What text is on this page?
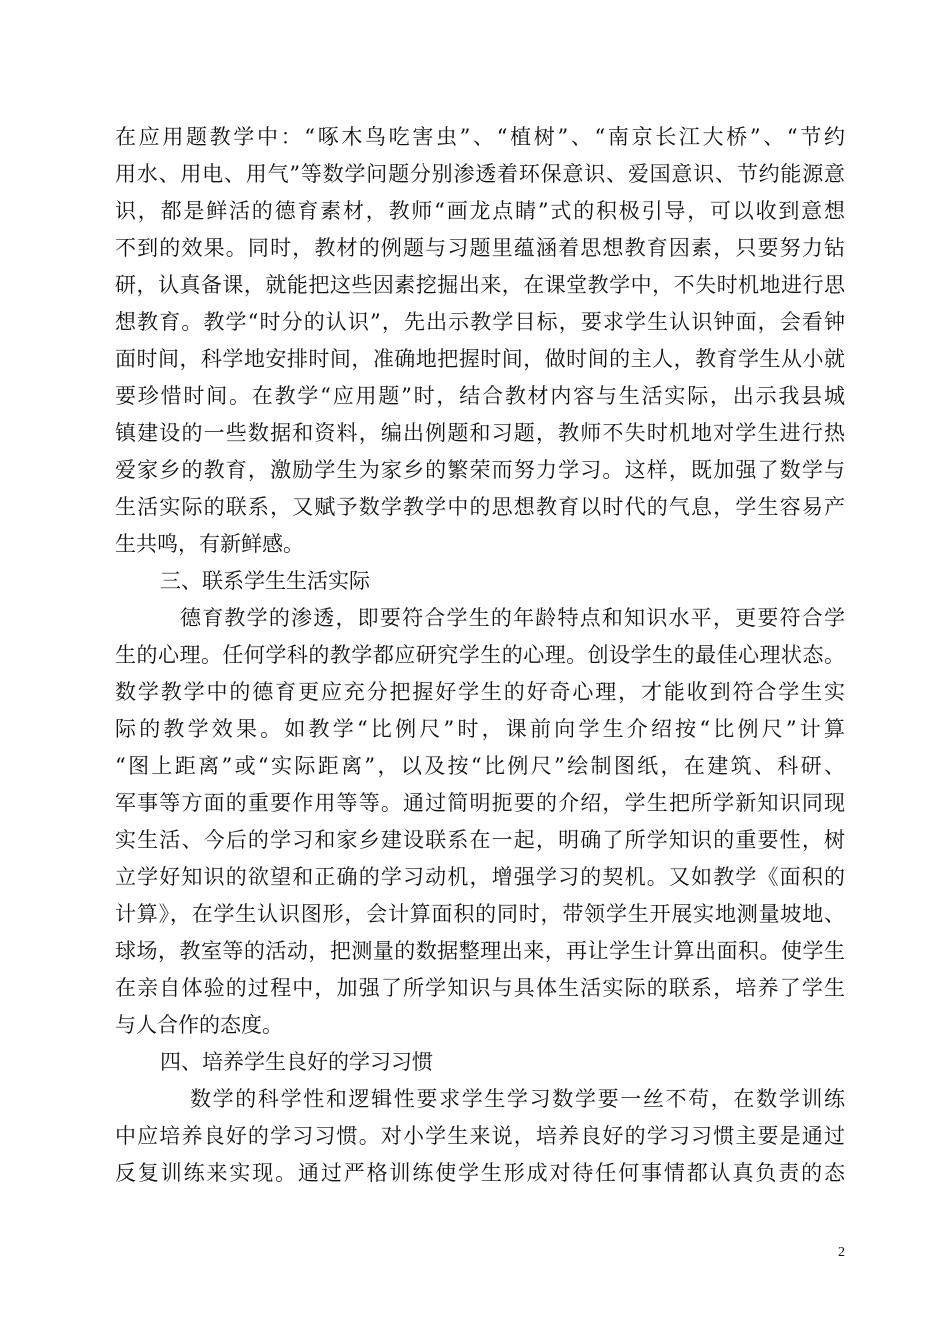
在应用题教学中：“啄木鸟吃害虫”、“植树”、“南京长江大桥”、“节约
用水、用电、用气”等数学问题分别渗透着环保意识、爱国意识、节约能源意
识，都是鲜活的德育素材，教师“画龙点睛”式的积极引导，可以收到意想
不到的效果。同时，教材的例题与习题里蕴涵着思想教育因素，只要努力钻
研，认真备课，就能把这些因素挖掘出来，在课堂教学中，不失时机地进行思
想教育。教学“时分的认识”，先出示教学目标，要求学生认识钟面，会看钟
面时间，科学地安排时间，准确地把握时间，做时间的主人，教育学生从小就
要珍惜时间。在教学“应用题”时，结合教材内容与生活实际，出示我县城
镇建设的一些数据和资料，编出例题和习题，教师不失时机地对学生进行热
爱家乡的教育，激励学生为家乡的繁荣而努力学习。这样，既加强了数学与
生活实际的联系，又赋予数学教学中的思想教育以时代的气息，学生容易产
生共鸣，有新鲜感。
三、联系学生生活实际
德育教学的渗透，即要符合学生的年龄特点和知识水平，更要符合学
生的心理。任何学科的教学都应研究学生的心理。创设学生的最佳心理状态。
数学教学中的德育更应充分把握好学生的好奇心理，才能收到符合学生实
际的教学效果。如教学“比例尺”时，课前向学生介绍按“比例尺”计算
“图上距离”或“实际距离”，以及按“比例尺”绘制图纸，在建筑、科研、
军事等方面的重要作用等等。通过简明扼要的介绍，学生把所学新知识同现
实生活、今后的学习和家乡建设联系在一起，明确了所学知识的重要性，树
立学好知识的欲望和正确的学习动机，增强学习的契机。又如教学《面积的
计算》，在学生认识图形，会计算面积的同时，带领学生开展实地测量坡地、
球场，教室等的活动，把测量的数据整理出来，再让学生计算出面积。使学生
在亲自体验的过程中，加强了所学知识与具体生活实际的联系，培养了学生
与人合作的态度。
四、培养学生良好的学习习惯
数学的科学性和逻辑性要求学生学习数学要一丝不苟，在数学训练
中应培养良好的学习习惯。对小学生来说，培养良好的学习习惯主要是通过
反复训练来实现。通过严格训练使学生形成对待任何事情都认真负责的态
2
